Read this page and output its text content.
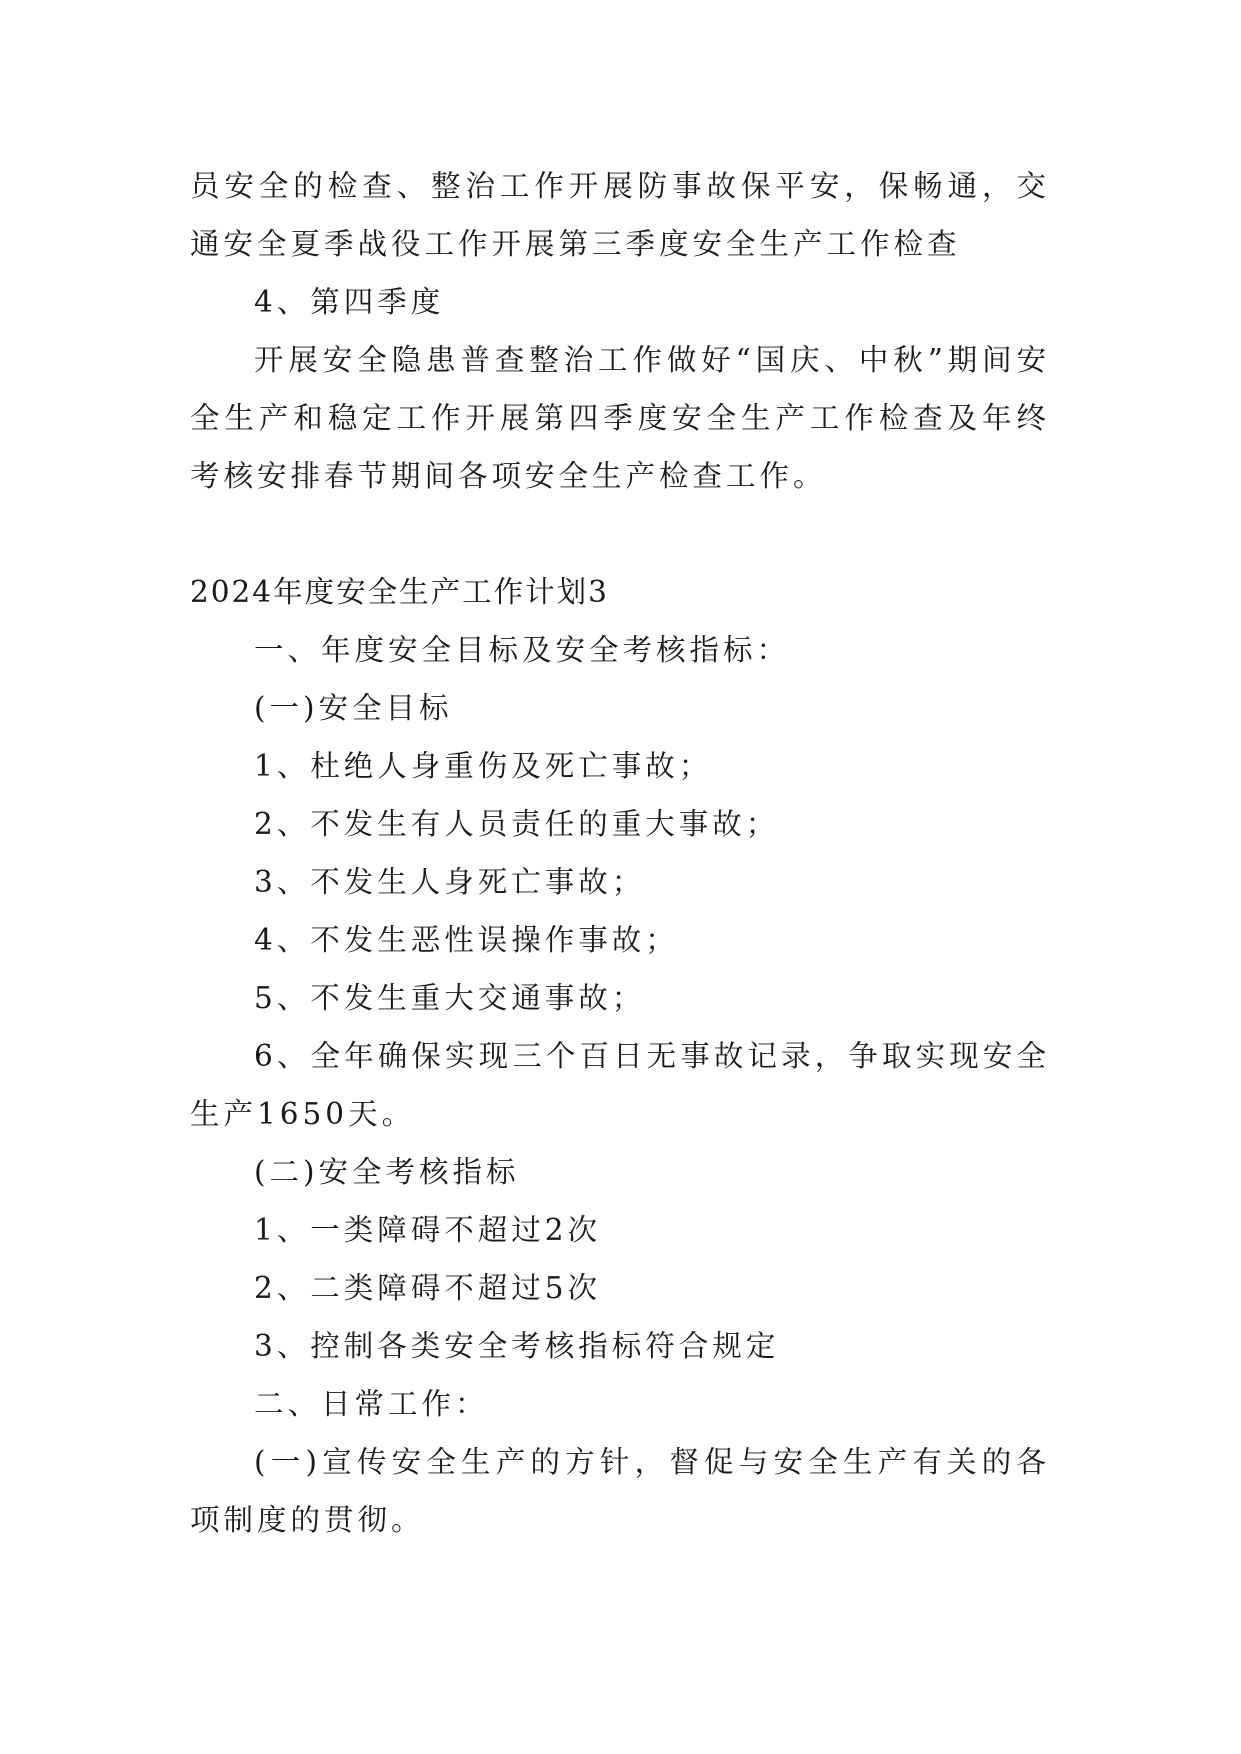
员安全的检查、整治工作开展防事故保平安，保畅通，交通安全夏季战役工作开展第三季度安全生产工作检查

4、第四季度

开展安全隐患普查整治工作做好“国庆、中秋”期间安全生产和稳定工作开展第四季度安全生产工作检查及年终考核安排春节期间各项安全生产检查工作。

2024年度安全生产工作计划3

一、年度安全目标及安全考核指标：

(一)安全目标

1、杜绝人身重伤及死亡事故；

2、不发生有人员责任的重大事故；

3、不发生人身死亡事故；

4、不发生恶性误操作事故；

5、不发生重大交通事故；

6、全年确保实现三个百日无事故记录，争取实现安全生产1650天。

(二)安全考核指标

1、一类障碍不超过2次

2、二类障碍不超过5次

3、控制各类安全考核指标符合规定

二、日常工作：

(一)宣传安全生产的方针，督促与安全生产有关的各项制度的贯彻。
